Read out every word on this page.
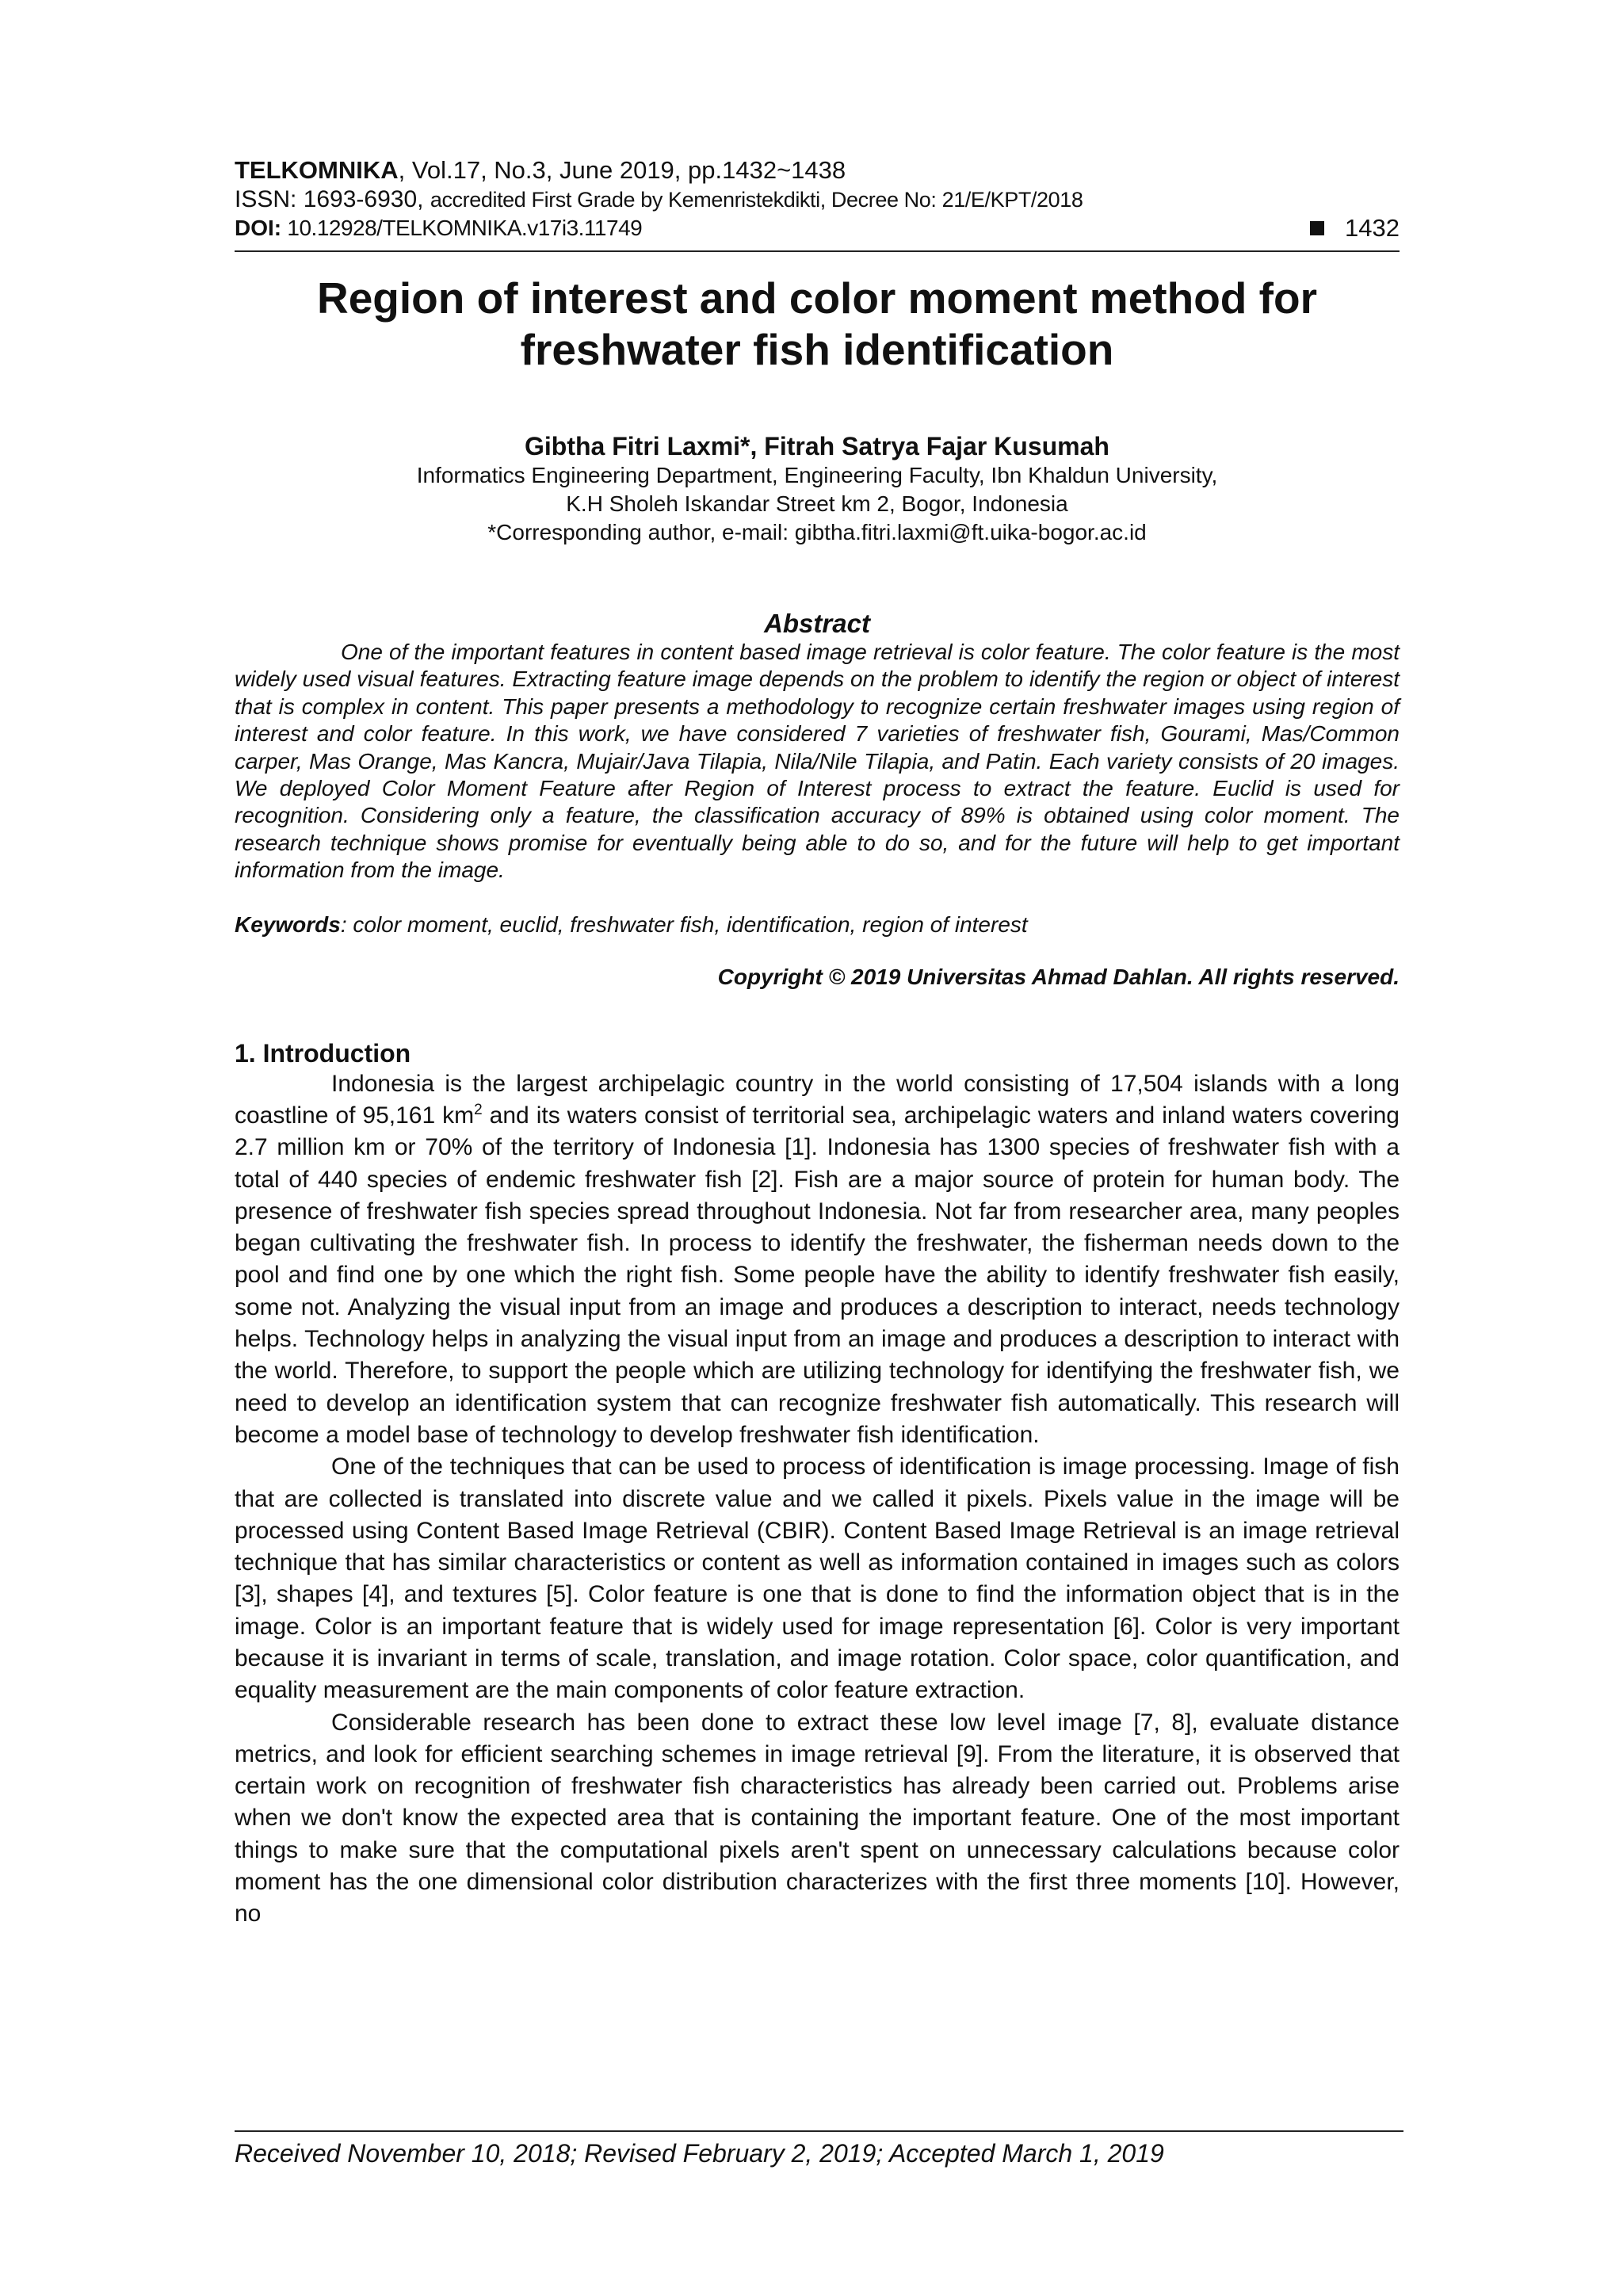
TELKOMNIKA, Vol.17, No.3, June 2019, pp.1432~1438
ISSN: 1693-6930, accredited First Grade by Kemenristekdikti, Decree No: 21/E/KPT/2018
DOI: 10.12928/TELKOMNIKA.v17i3.11749	1432
Region of interest and color moment method for
freshwater fish identification
Gibtha Fitri Laxmi*, Fitrah Satrya Fajar Kusumah
Informatics Engineering Department, Engineering Faculty, Ibn Khaldun University,
K.H Sholeh Iskandar Street km 2, Bogor, Indonesia
*Corresponding author, e-mail: gibtha.fitri.laxmi@ft.uika-bogor.ac.id
Abstract

One of the important features in content based image retrieval is color feature. The color feature is the most widely used visual features. Extracting feature image depends on the problem to identify the region or object of interest that is complex in content. This paper presents a methodology to recognize certain freshwater images using region of interest and color feature. In this work, we have considered 7 varieties of freshwater fish, Gourami, Mas/Common carper, Mas Orange, Mas Kancra, Mujair/Java Tilapia, Nila/Nile Tilapia, and Patin. Each variety consists of 20 images. We deployed Color Moment Feature after Region of Interest process to extract the feature. Euclid is used for recognition. Considering only a feature, the classification accuracy of 89% is obtained using color moment. The research technique shows promise for eventually being able to do so, and for the future will help to get important information from the image.

Keywords: color moment, euclid, freshwater fish, identification, region of interest
Copyright © 2019 Universitas Ahmad Dahlan. All rights reserved.
1. Introduction

Indonesia is the largest archipelagic country in the world consisting of 17,504 islands with a long coastline of 95,161 $km^2$ and its waters consist of territorial sea, archipelagic waters and inland waters covering 2.7 million km or 70% of the territory of Indonesia [1]. Indonesia has 1300 species of freshwater fish with a total of 440 species of endemic freshwater fish [2]. Fish are a major source of protein for human body. The presence of freshwater fish species spread throughout Indonesia. Not far from researcher area, many peoples began cultivating the freshwater fish. In process to identify the freshwater, the fisherman needs down to the pool and find one by one which the right fish. Some people have the ability to identify freshwater fish easily, some not. Analyzing the visual input from an image and produces a description to interact, needs technology helps. Technology helps in analyzing the visual input from an image and produces a description to interact with the world. Therefore, to support the people which are utilizing technology for identifying the freshwater fish, we need to develop an identification system that can recognize freshwater fish automatically. This research will become a model base of technology to develop freshwater fish identification.

One of the techniques that can be used to process of identification is image processing. Image of fish that are collected is translated into discrete value and we called it pixels. Pixels value in the image will be processed using Content Based Image Retrieval (CBIR). Content Based Image Retrieval is an image retrieval technique that has similar characteristics or content as well as information contained in images such as colors [3], shapes [4], and textures [5]. Color feature is one that is done to find the information object that is in the image. Color is an important feature that is widely used for image representation [6]. Color is very important because it is invariant in terms of scale, translation, and image rotation. Color space, color quantification, and equality measurement are the main components of color feature extraction.

Considerable research has been done to extract these low level image [7, 8], evaluate distance metrics, and look for efficient searching schemes in image retrieval [9]. From the literature, it is observed that certain work on recognition of freshwater fish characteristics has already been carried out. Problems arise when we don't know the expected area that is containing the important feature. One of the most important things to make sure that the computational pixels aren't spent on unnecessary calculations because color moment has the one dimensional color distribution characterizes with the first three moments [10]. However, no

Received November 10, 2018; Revised February 2, 2019; Accepted March 1, 2019
